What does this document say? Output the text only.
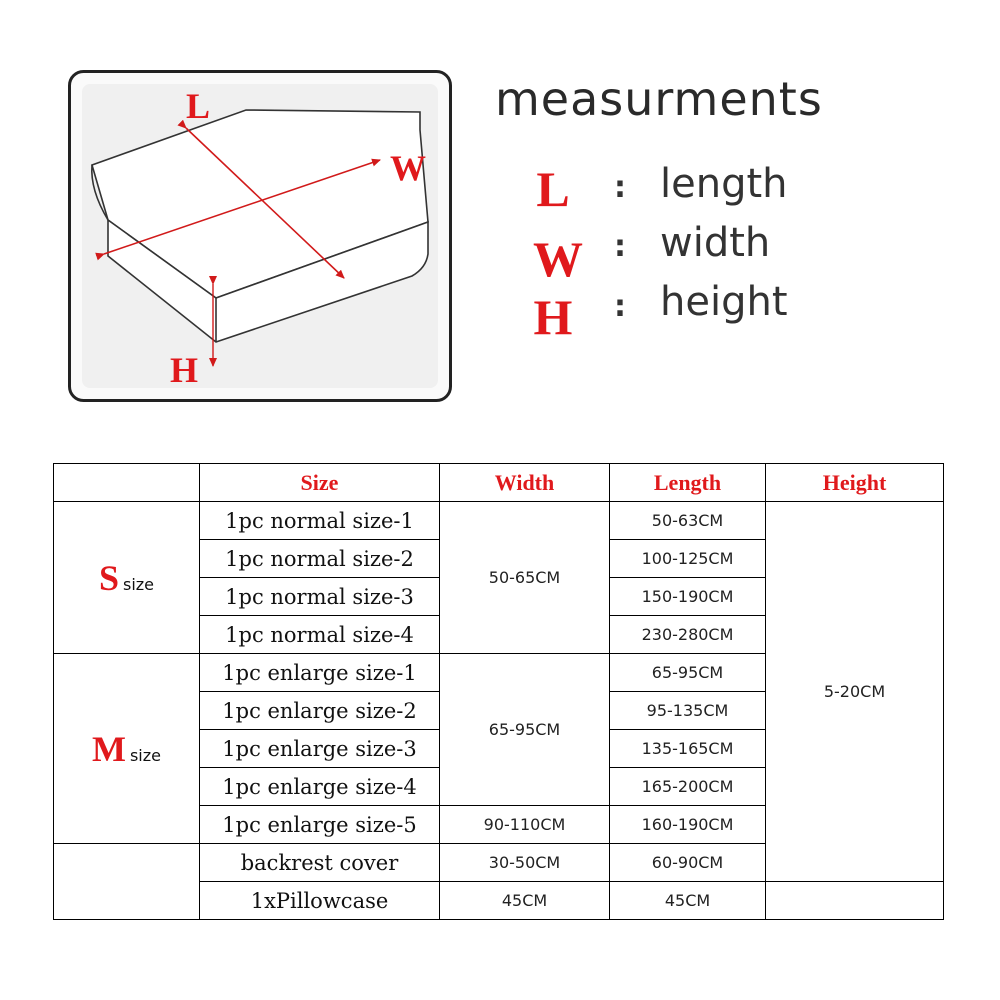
L
W
H
measurments
L : length
W : width
H : height
	Size	Width	Length	Height
S size	1pc normal size-1	50-65CM	50-63CM	5-20CM
	1pc normal size-2		100-125CM	
	1pc normal size-3		150-190CM	
	1pc normal size-4		230-280CM	
M size	1pc enlarge size-1	65-95CM	65-95CM	
	1pc enlarge size-2		95-135CM	
	1pc enlarge size-3		135-165CM	
	1pc enlarge size-4		165-200CM	
	1pc enlarge size-5	90-110CM	160-190CM	
	backrest cover	30-50CM	60-90CM	
	1xPillowcase	45CM	45CM	
